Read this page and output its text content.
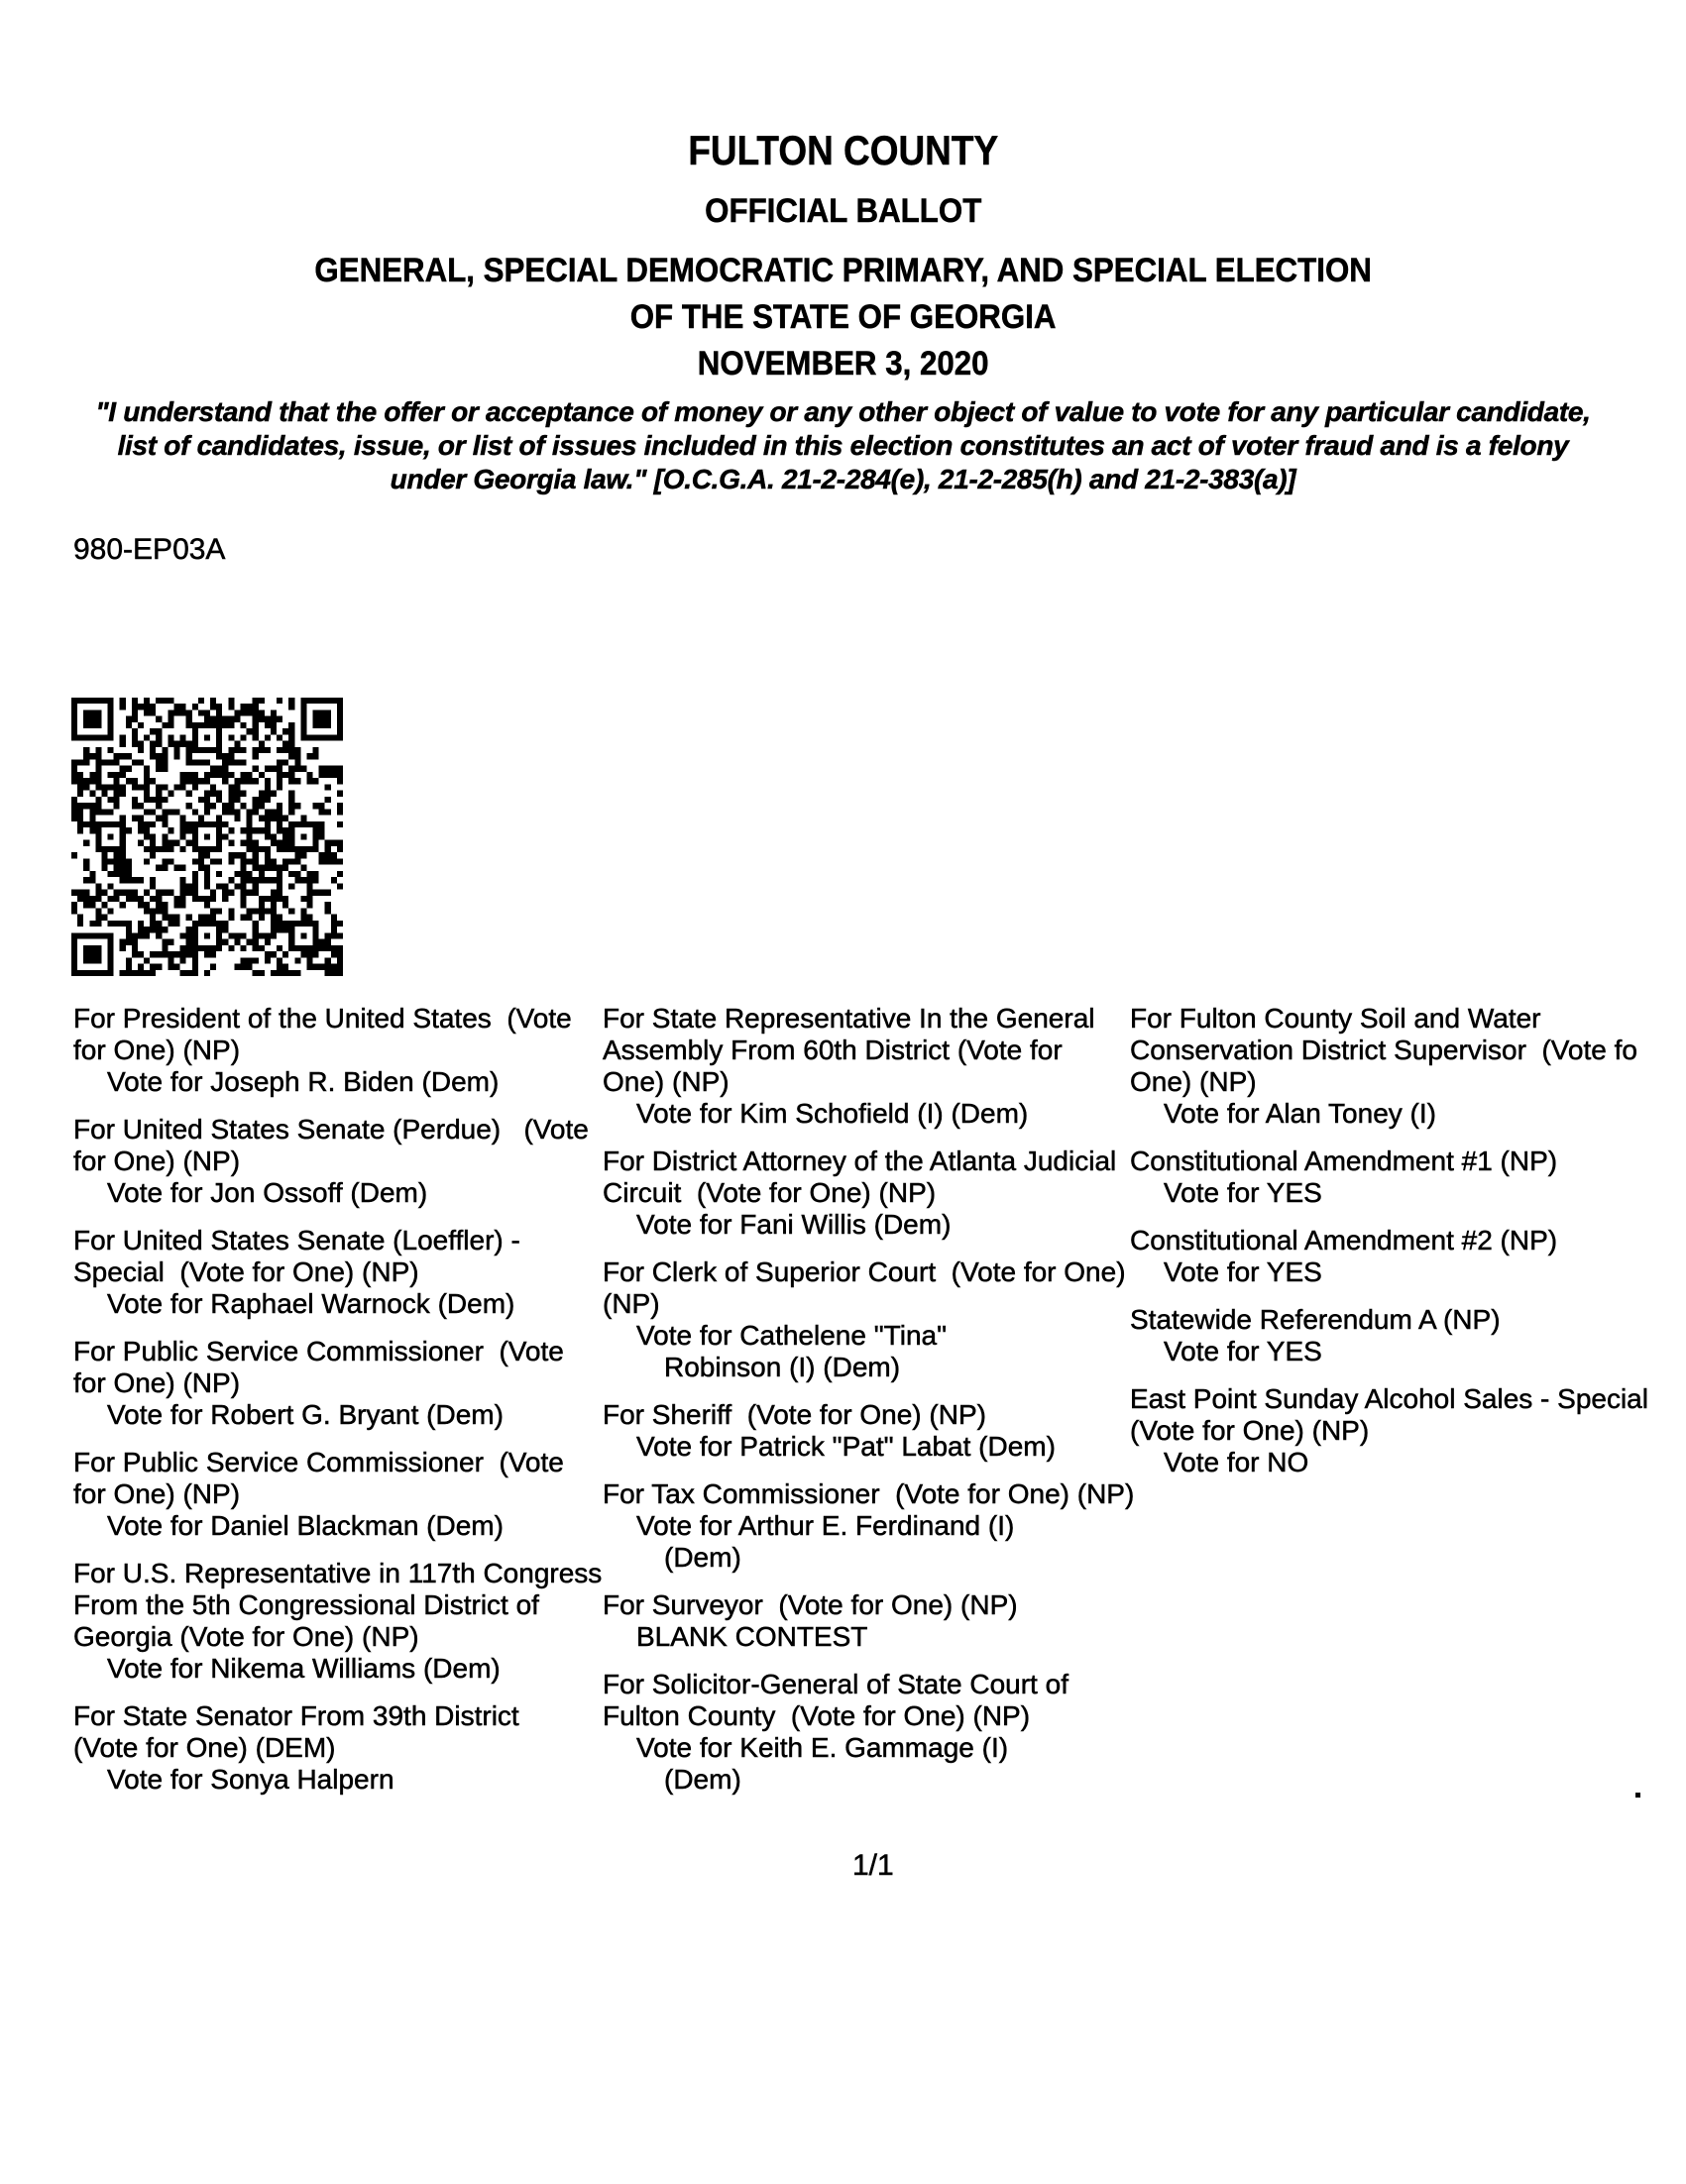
FULTON COUNTY
OFFICIAL BALLOT
GENERAL, SPECIAL DEMOCRATIC PRIMARY, AND SPECIAL ELECTION
OF THE STATE OF GEORGIA
NOVEMBER 3, 2020
"I understand that the offer or acceptance of money or any other object of value to vote for any particular candidate,
list of candidates, issue, or list of issues included in this election constitutes an act of voter fraud and is a felony
under Georgia law." [O.C.G.A. 21-2-284(e), 21-2-285(h) and 21-2-383(a)]
980-EP03A
For President of the United States  (Vote
for One) (NP)
Vote for Joseph R. Biden (Dem)
For United States Senate (Perdue)   (Vote
for One) (NP)
Vote for Jon Ossoff (Dem)
For United States Senate (Loeffler) -
Special  (Vote for One) (NP)
Vote for Raphael Warnock (Dem)
For Public Service Commissioner  (Vote
for One) (NP)
Vote for Robert G. Bryant (Dem)
For Public Service Commissioner  (Vote
for One) (NP)
Vote for Daniel Blackman (Dem)
For U.S. Representative in 117th Congress
From the 5th Congressional District of
Georgia (Vote for One) (NP)
Vote for Nikema Williams (Dem)
For State Senator From 39th District
(Vote for One) (DEM)
Vote for Sonya Halpern
For State Representative In the General
Assembly From 60th District (Vote for
One) (NP)
Vote for Kim Schofield (I) (Dem)
For District Attorney of the Atlanta Judicial
Circuit  (Vote for One) (NP)
Vote for Fani Willis (Dem)
For Clerk of Superior Court  (Vote for One)
(NP)
Vote for Cathelene "Tina"
Robinson (I) (Dem)
For Sheriff  (Vote for One) (NP)
Vote for Patrick "Pat" Labat (Dem)
For Tax Commissioner  (Vote for One) (NP)
Vote for Arthur E. Ferdinand (I)
(Dem)
For Surveyor  (Vote for One) (NP)
BLANK CONTEST
For Solicitor-General of State Court of
Fulton County  (Vote for One) (NP)
Vote for Keith E. Gammage (I)
(Dem)
For Fulton County Soil and Water
Conservation District Supervisor  (Vote fo
One) (NP)
Vote for Alan Toney (I)
Constitutional Amendment #1 (NP)
Vote for YES
Constitutional Amendment #2 (NP)
Vote for YES
Statewide Referendum A (NP)
Vote for YES
East Point Sunday Alcohol Sales - Special
(Vote for One) (NP)
Vote for NO
1/1
